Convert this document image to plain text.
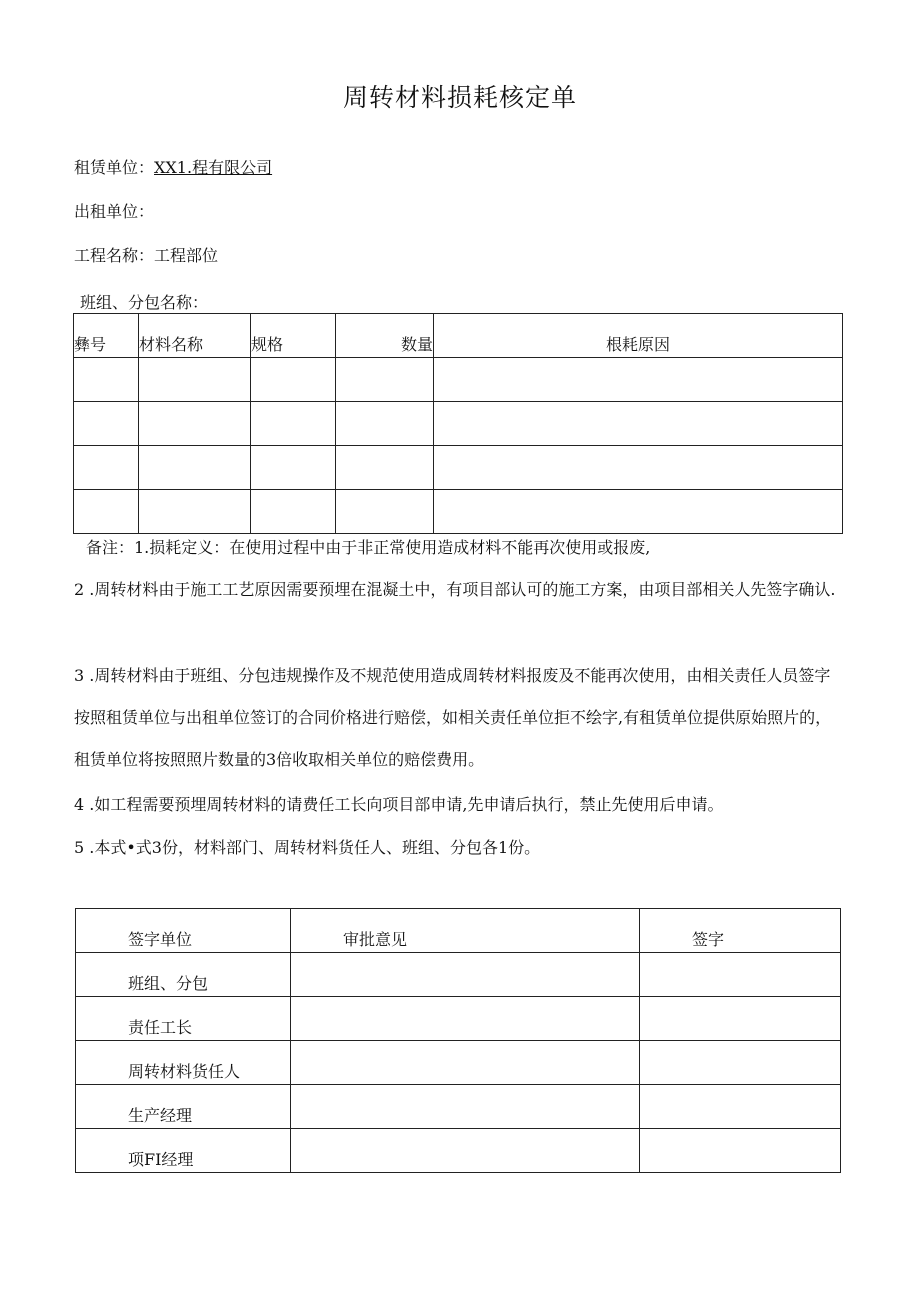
周转材料损耗核定单
租赁单位：XX1.程有限公司
出租单位：
工程名称：工程部位
班组、分包名称：
彝号	材料名称	规格	数量	根耗原因

备注：1.损耗定义：在使用过程中由于非正常使用造成材料不能再次使用或报废,
2 .周转材料由于施工工艺原因需要预埋在混凝土中，有项目部认可的施工方案，由项目部相关人先签字确认.
3 .周转材料由于班组、分包违规操作及不规范使用造成周转材料报废及不能再次使用，由相关责任人员签字按照租赁单位与出租单位签订的合同价格进行赔偿，如相关责任单位拒不绘字,有租赁单位提供原始照片的，租赁单位将按照照片数量的3倍收取相关单位的赔偿费用。
4 .如工程需要预埋周转材料的请费任工长向项目部申请,先申请后执行，禁止先使用后申请。
5 .本式•式3份，材料部门、周转材料货任人、班组、分包各1份。
签字单位	审批意见	签字
班组、分包		
责任工长		
周转材料货任人		
生产经理		
项FI经理		
